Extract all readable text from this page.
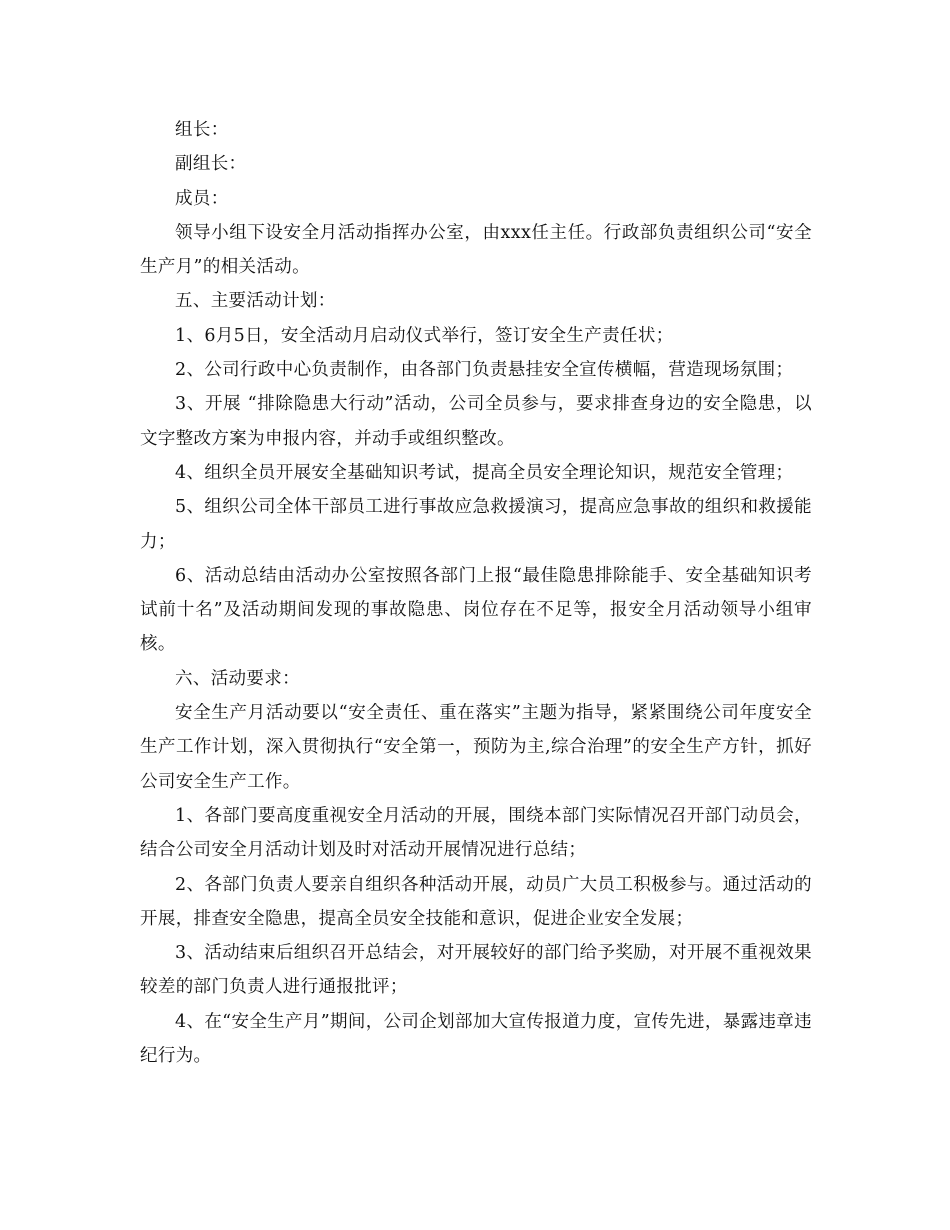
组长：

副组长：

成员：

领导小组下设安全月活动指挥办公室，由xxx任主任。行政部负责组织公司“安全生产月”的相关活动。

五、主要活动计划：

1、6月5日，安全活动月启动仪式举行，签订安全生产责任状；

2、公司行政中心负责制作，由各部门负责悬挂安全宣传横幅，营造现场氛围；

3、开展 “排除隐患大行动”活动，公司全员参与，要求排查身边的安全隐患，以文字整改方案为申报内容，并动手或组织整改。

4、组织全员开展安全基础知识考试，提高全员安全理论知识，规范安全管理；

5、组织公司全体干部员工进行事故应急救援演习，提高应急事故的组织和救援能力；

6、活动总结由活动办公室按照各部门上报“最佳隐患排除能手、安全基础知识考试前十名”及活动期间发现的事故隐患、岗位存在不足等，报安全月活动领导小组审核。

六、活动要求：

安全生产月活动要以“安全责任、重在落实”主题为指导，紧紧围绕公司年度安全生产工作计划，深入贯彻执行“安全第一，预防为主,综合治理”的安全生产方针，抓好公司安全生产工作。

1、各部门要高度重视安全月活动的开展，围绕本部门实际情况召开部门动员会，结合公司安全月活动计划及时对活动开展情况进行总结；

2、各部门负责人要亲自组织各种活动开展，动员广大员工积极参与。通过活动的开展，排查安全隐患，提高全员安全技能和意识，促进企业安全发展；

3、活动结束后组织召开总结会，对开展较好的部门给予奖励，对开展不重视效果较差的部门负责人进行通报批评；

4、在“安全生产月”期间，公司企划部加大宣传报道力度，宣传先进，暴露违章违纪行为。
